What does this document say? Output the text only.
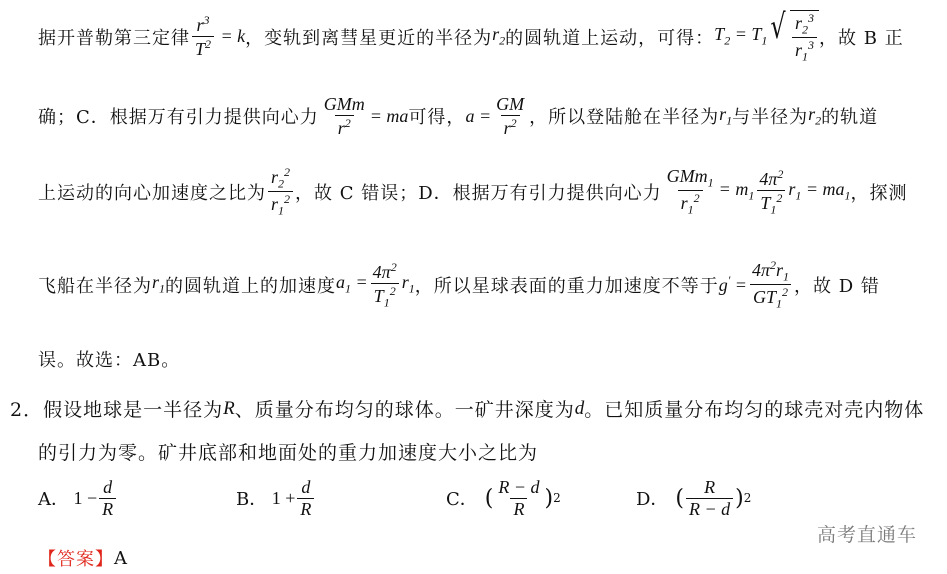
据开普勒第三定律 $\frac{r^3}{T^2} = k$ ，变轨到离彗星更近的半径为 $r_2$ 的圆轨道上运动，可得： $T_2 = T_1$ √ $\frac{r_2^3}{r_1^3}$ ，故 B 正
确；C．根据万有引力提供向心力 $\frac{\text{GMm}}{r^2}$ = ma 可得， $a = \frac{GM}{r^2}$ ，所以登陆舱在半径为 $r_1$ 与半径为 $r_2$ 的轨道
上运动的向心加速度之比为 $\frac{r_2^2}{r_1^2}$ ，故 C 错误；D．根据万有引力提供向心力 $\frac{GMm_1}{r_1^2} = m_1 \frac{4\pi^2}{T_1^2} r_1 = ma_1$ ，探测
飞船在半径为 $r_1$ 的圆轨道上的加速度 $a_1 = \frac{4\pi^2}{T_1^2} r_1$ ，所以星球表面的重力加速度不等于 $g' = \frac{4\pi^2r_1}{GT_1^2}$ ，故 D 错
误。故选：AB。
2． 假设地球是一半径为 R 、质量分布均匀的球体。一矿井深度为 d 。已知质量分布均匀的球壳对壳内物体
的引力为零。矿井底部和地面处的重力加速度大小之比为
A． $1 - \frac{d}{R}$	B． $1 + \frac{d}{R}$	C． ( $\frac{R - d}{R}$ ) 2	D． ( $\frac{R}{R - d}$ ) 2
【答案】 A
高考直通车
